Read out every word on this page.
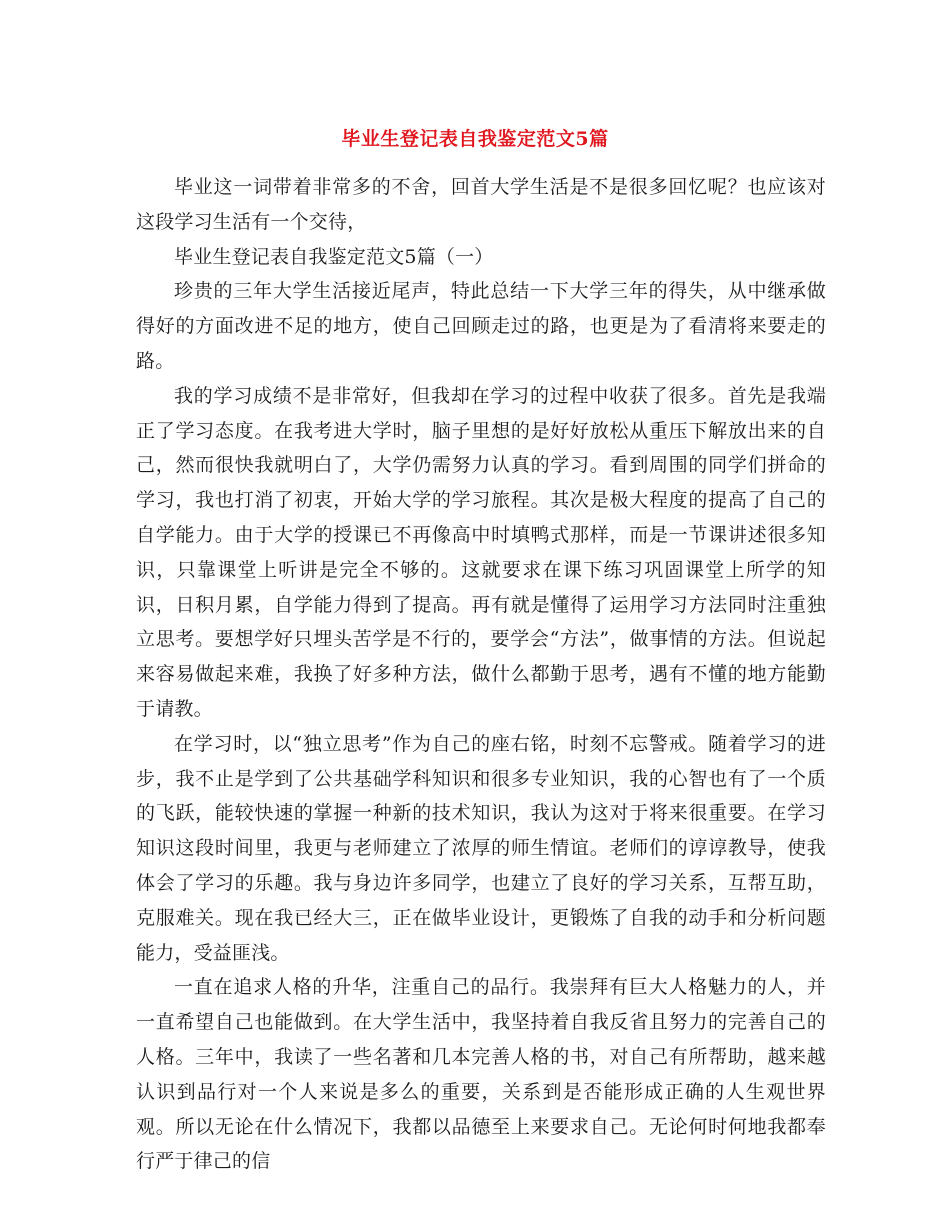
毕业生登记表自我鉴定范文5篇

毕业这一词带着非常多的不舍，回首大学生活是不是很多回忆呢？也应该对这段学习生活有一个交待，

毕业生登记表自我鉴定范文5篇（一）

珍贵的三年大学生活接近尾声，特此总结一下大学三年的得失，从中继承做得好的方面改进不足的地方，使自己回顾走过的路，也更是为了看清将来要走的路。

我的学习成绩不是非常好，但我却在学习的过程中收获了很多。首先是我端正了学习态度。在我考进大学时，脑子里想的是好好放松从重压下解放出来的自己，然而很快我就明白了，大学仍需努力认真的学习。看到周围的同学们拼命的学习，我也打消了初衷，开始大学的学习旅程。其次是极大程度的提高了自己的自学能力。由于大学的授课已不再像高中时填鸭式那样，而是一节课讲述很多知识，只靠课堂上听讲是完全不够的。这就要求在课下练习巩固课堂上所学的知识，日积月累，自学能力得到了提高。再有就是懂得了运用学习方法同时注重独立思考。要想学好只埋头苦学是不行的，要学会“方法”，做事情的方法。但说起来容易做起来难，我换了好多种方法，做什么都勤于思考，遇有不懂的地方能勤于请教。

在学习时，以“独立思考”作为自己的座右铭，时刻不忘警戒。随着学习的进步，我不止是学到了公共基础学科知识和很多专业知识，我的心智也有了一个质的飞跃，能较快速的掌握一种新的技术知识，我认为这对于将来很重要。在学习知识这段时间里，我更与老师建立了浓厚的师生情谊。老师们的谆谆教导，使我体会了学习的乐趣。我与身边许多同学，也建立了良好的学习关系，互帮互助，克服难关。现在我已经大三，正在做毕业设计，更锻炼了自我的动手和分析问题能力，受益匪浅。

一直在追求人格的升华，注重自己的品行。我崇拜有巨大人格魅力的人，并一直希望自己也能做到。在大学生活中，我坚持着自我反省且努力的完善自己的人格。三年中，我读了一些名著和几本完善人格的书，对自己有所帮助，越来越认识到品行对一个人来说是多么的重要，关系到是否能形成正确的人生观世界观。所以无论在什么情况下，我都以品德至上来要求自己。无论何时何地我都奉行严于律己的信
